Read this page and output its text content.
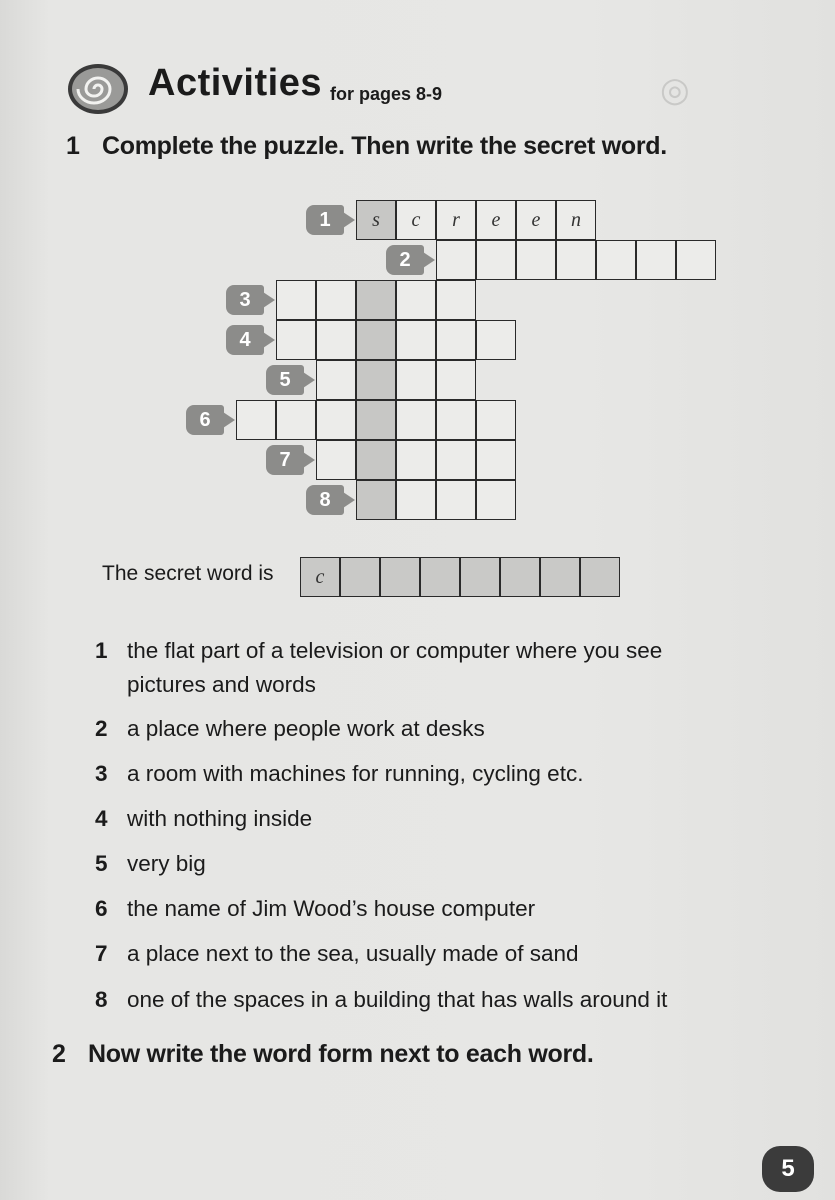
◎
Activities for pages 8-9
1 Complete the puzzle. Then write the secret word.
1	s	c	r	e	e	n
2
3
4
5
6
7
8
The secret word is	c
1 the flat part of a television or computer where you see pictures and words
2 a place where people work at desks
3 a room with machines for running, cycling etc.
4 with nothing inside
5 very big
6 the name of Jim Wood’s house computer
7 a place next to the sea, usually made of sand
8 one of the spaces in a building that has walls around it
2 Now write the word form next to each word.
5
